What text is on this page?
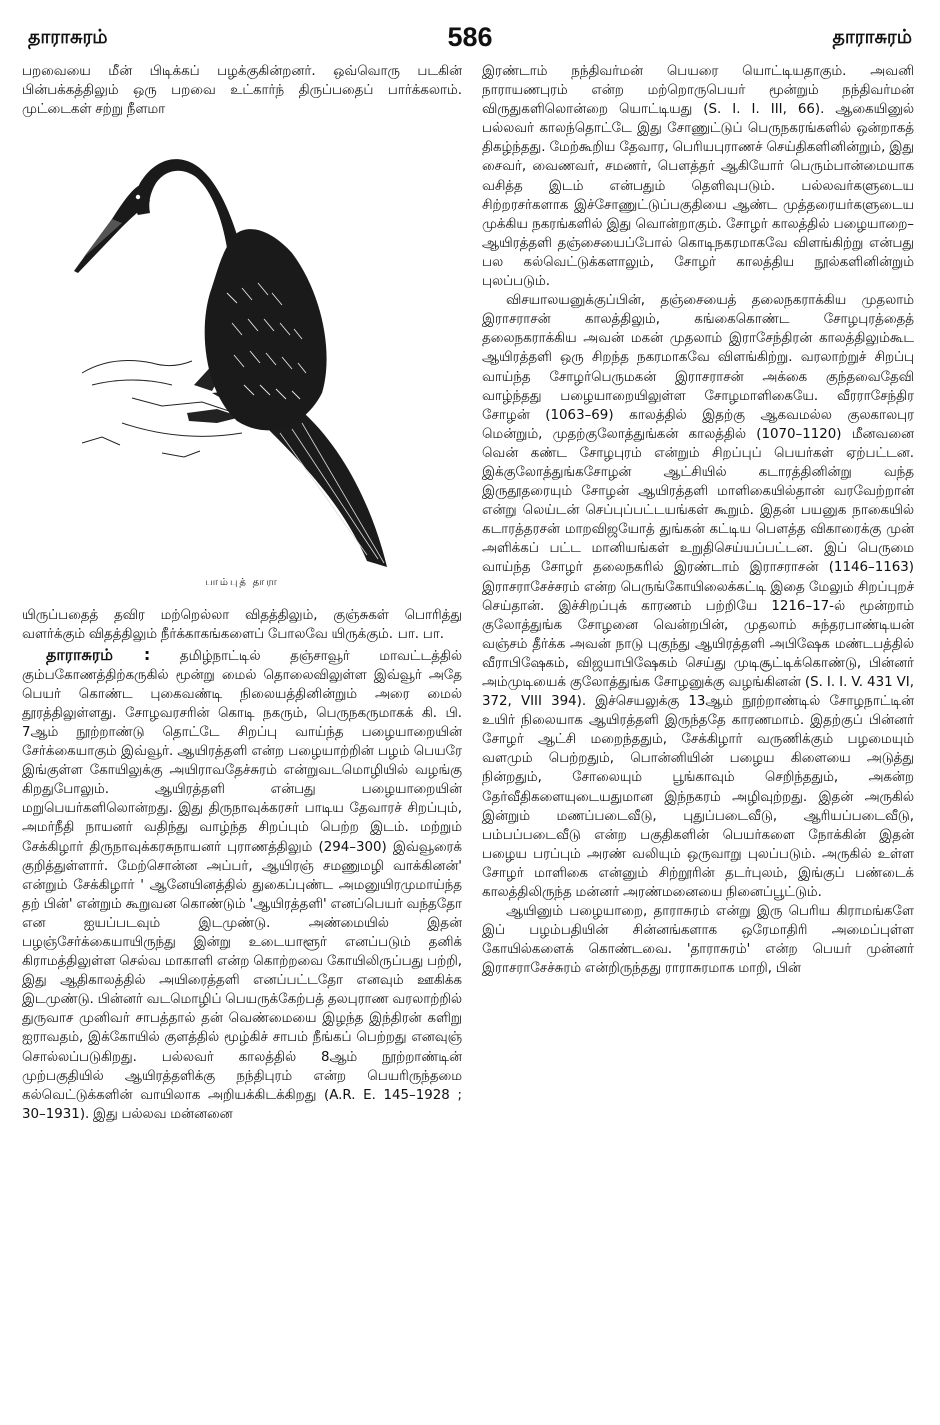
தாராசுரம்	586	தாராசுரம்

பறவையை மீன் பிடிக்கப் பழக்குகின்றனர். ஒவ்வொரு படகின் பின்பக்கத்திலும் ஒரு பறவை உட்கார்ந் திருப்பதைப் பார்க்கலாம். முட்டைகள் சற்று நீளமா

பாம்புத் தாரா

யிருப்பதைத் தவிர மற்றெல்லா விதத்திலும், குஞ்சுகள் பொரித்து வளர்க்கும் விதத்திலும் நீர்க்காகங்களைப் போலவே யிருக்கும். பா. பா.

தாராசுரம் : தமிழ்நாட்டில் தஞ்சாவூர் மாவட்டத்தில் கும்பகோணத்திற்கருகில் மூன்று மைல் தொலைவிலுள்ள இவ்வூர் அதே பெயர் கொண்ட புகைவண்டி நிலையத்தினின்றும் அரை மைல் தூரத்திலுள்ளது. சோழவரசரின் கொடி நகரும், பெருநகருமாகக் கி. பி. 7ஆம் நூற்றாண்டு தொட்டே சிறப்பு வாய்ந்த பழையாறையின் சேர்க்கையாகும் இவ்வூர். ஆயிரத்தளி என்ற பழையாற்றின் பழம் பெயரே இங்குள்ள கோயிலுக்கு அயிராவதேச்சுரம் என்றுவடமொழியில் வழங்கு கிறதுபோலும். ஆயிரத்தளி என்பது பழையாறையின் மறுபெயர்களிலொன்றது. இது திருநாவுக்கரசர் பாடிய தேவாரச் சிறப்பும், அமர்நீதி நாயனர் வதிந்து வாழ்ந்த சிறப்பும் பெற்ற இடம். மற்றும் சேக்கிழார் திருநாவுக்கரசுநாயனர் புராணத்திலும் (294–300) இவ்வூரைக் குறித்துள்ளார். மேற்சொன்ன அப்பர், ஆயிரஞ் சமணுமழி வாக்கினன்' என்றும் சேக்கிழார் ' ஆனேயினத்தில் துகைப்புண்ட அமனுயிரமுமாய்ந்த தற் பின்' என்றும் கூறுவன கொண்டும் 'ஆயிரத்தளி' எனப்பெயர் வந்ததோ என ஐயப்படவும் இடமுண்டு. அண்மையில் இதன் பழஞ்சேர்க்கையாயிருந்து இன்று உடையாளூர் எனப்படும் தனிக் கிராமத்திலுள்ள செல்வ மாகாளி என்ற கொற்றவை கோயிலிருப்பது பற்றி, இது ஆதிகாலத்தில் அயிரைத்தளி எனப்பட்டதோ எனவும் ஊகிக்க இடமுண்டு. பின்னர் வடமொழிப் பெயருக்கேற்பத் தலபுராண வரலாற்றில் துருவாச முனிவர் சாபத்தால் தன் வெண்மையை இழந்த இந்திரன் களிறு ஐராவதம், இக்கோயில் குளத்தில் மூழ்கிச் சாபம் நீங்கப் பெற்றது எனவுஞ் சொல்லப்படுகிறது. பல்லவர் காலத்தில் 8ஆம் நூற்றாண்டின் முற்பகுதியில் ஆயிரத்தளிக்கு நந்திபுரம் என்ற பெயரிருந்தமை கல்வெட்டுக்களின் வாயிலாக அறியக்கிடக்கிறது (A.R. E. 145–1928 ; 30–1931). இது பல்லவ மன்னனை

இரண்டாம் நந்திவர்மன் பெயரை யொட்டியதாகும். அவனி நாராயணபுரம் என்ற மற்றொருபெயர் மூன்றும் நந்திவர்மன் விருதுகளிலொன்றை யொட்டியது (S. I. I. III, 66). ஆகையினுல் பல்லவர் காலந்தொட்டே இது சோணுட்டுப் பெருநகரங்களில் ஒன்றாகத் திகழ்ந்தது. மேற்கூறிய தேவார, பெரியபுராணச் செய்திகளினின்றும், இது சைவர், வைணவர், சமணர், பௌத்தர் ஆகியோர் பெரும்பான்மையாக வசித்த இடம் என்பதும் தெளிவுபடும். பல்லவர்களுடைய சிற்றரசர்களாக இச்சோணுட்டுப்பகுதியை ஆண்ட முத்தரையர்களுடைய முக்கிய நகரங்களில் இது வொன்றாகும். சோழர் காலத்தில் பழையாறை–ஆயிரத்தளி தஞ்சையைப்போல் கொடிநகரமாகவே விளங்கிற்று என்பது பல கல்வெட்டுக்களாலும், சோழர் காலத்திய நூல்களினின்றும் புலப்படும்.

விசயாலயனுக்குப்பின், தஞ்சையைத் தலைநகராக்கிய முதலாம் இராசராசன் காலத்திலும், கங்கைகொண்ட சோழபுரத்தைத் தலைநகராக்கிய அவன் மகன் முதலாம் இராசேந்திரன் காலத்திலும்கூட ஆயிரத்தளி ஒரு சிறந்த நகரமாகவே விளங்கிற்று. வரலாற்றுச் சிறப்பு வாய்ந்த சோழர்பெருமகன் இராசராசன் அக்கை குந்தவைதேவி வாழ்ந்தது பழையாறையிலுள்ள சோழமாளிகையே. வீரராசேந்திர சோழன் (1063–69) காலத்தில் இதற்கு ஆகவமல்ல குலகாலபுர மென்றும், முதற்குலோத்துங்கன் காலத்தில் (1070–1120) மீனவனை வென் கண்ட சோழபுரம் என்றும் சிறப்புப் பெயர்கள் ஏற்பட்டன. இக்குலோத்துங்கசோழன் ஆட்சியில் கடாரத்தினின்று வந்த இருதூதரையும் சோழன் ஆயிரத்தளி மாளிகையில்தான் வரவேற்றான் என்று லெய்டன் செப்புப்பட்டயங்கள் கூறும். இதன் பயனுக நாகையில் கடாரத்தரசன் மாறவிஜயோத் துங்கன் கட்டிய பௌத்த விகாரைக்கு முன் அளிக்கப் பட்ட மானியங்கள் உறுதிசெய்யப்பட்டன. இப் பெருமை வாய்ந்த சோழர் தலைநகரில் இரண்டாம் இராசராசன் (1146–1163) இராசராசேச்சரம் என்ற பெருங்கோயிலைக்கட்டி இதை மேலும் சிறப்புறச் செய்தான். இச்சிறப்புக் காரணம் பற்றியே 1216–17-ல் மூன்றாம் குலோத்துங்க சோழனை வென்றபின், முதலாம் சுந்தரபாண்டியன் வஞ்சம் தீர்க்க அவன் நாடு புகுந்து ஆயிரத்தளி அபிஷேக மண்டபத்தில் வீராபிஷேகம், விஜயாபிஷேகம் செய்து முடிசூட்டிக்கொண்டு, பின்னர் அம்முடியைக் குலோத்துங்க சோழனுக்கு வழங்கினன் (S. I. I. V. 431 VI, 372, VIII 394). இச்செயலுக்கு 13ஆம் நூற்றாண்டில் சோழநாட்டின் உயிர் நிலையாக ஆயிரத்தளி இருந்ததே காரணமாம். இதற்குப் பின்னர் சோழர் ஆட்சி மறைந்ததும், சேக்கிழார் வருணிக்கும் பழமையும் வளமும் பெற்றதும், பொன்னியின் பழைய கிளையை அடுத்து நின்றதும், சோலையும் பூங்காவும் செறிந்ததும், அகன்ற தேர்வீதிகளையுடையதுமான இந்நகரம் அழிவுற்றது. இதன் அருகில் இன்றும் மணப்படைவீடு, புதுப்படைவீடு, ஆரியப்படைவீடு, பம்பப்படைவீடு என்ற பகுதிகளின் பெயர்களை நோக்கின் இதன் பழைய பரப்பும் அரண் வலியும் ஒருவாறு புலப்படும். அருகில் உள்ள சோழர் மாளிகை என்னும் சிற்றூரின் தடர்புலம், இங்குப் பண்டைக் காலத்திலிருந்த மன்னர் அரண்மனையை நினைப்பூட்டும்.

ஆயினும் பழையாறை, தாராசுரம் என்று இரு பெரிய கிராமங்களே இப் பழம்பதியின் சின்னங்களாக ஒரேமாதிரி அமைப்புள்ள கோயில்களைக் கொண்டவை. 'தாராசுரம்' என்ற பெயர் முன்னர் இராசராசேச்சுரம் என்றிருந்தது ராராசுரமாக மாறி, பின்
